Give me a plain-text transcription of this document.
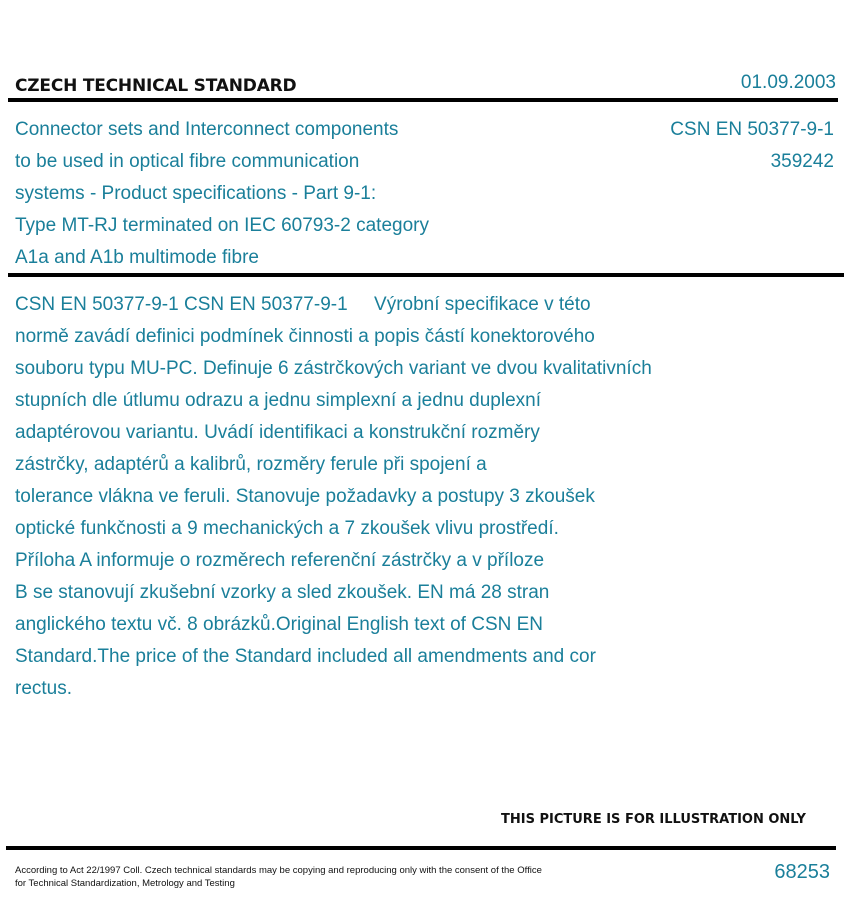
CZECH TECHNICAL STANDARD	01.09.2003
Connector sets and Interconnect components
to be used in optical fibre communication
systems - Product specifications - Part 9-1:
Type MT-RJ terminated on IEC 60793-2 category
A1a and A1b multimode fibre
CSN EN 50377-9-1
359242
CSN EN 50377-9-1 CSN EN 50377-9-1     Výrobní specifikace v této
normě zavádí definici podmínek činnosti a popis částí konektorového
souboru typu MU-PC. Definuje 6 zástrčkových variant ve dvou kvalitativních
stupních dle útlumu odrazu a jednu simplexní a jednu duplexní
adaptérovou variantu. Uvádí identifikaci a konstrukční rozměry
zástrčky, adaptérů a kalibrů, rozměry ferule při spojení a
tolerance vlákna ve feruli. Stanovuje požadavky a postupy 3 zkoušek
optické funkčnosti a 9 mechanických a 7 zkoušek vlivu prostředí.
Příloha A informuje o rozměrech referenční zástrčky a v příloze
B se stanovují zkušební vzorky a sled zkoušek. EN má 28 stran
anglického textu vč. 8 obrázků.Original English text of CSN EN
Standard.The price of the Standard included all amendments and cor
rectus.
THIS PICTURE IS FOR ILLUSTRATION ONLY
According to Act 22/1997 Coll. Czech technical standards may be copying and reproducing only with the consent of the Office
for Technical Standardization, Metrology and Testing
68253
